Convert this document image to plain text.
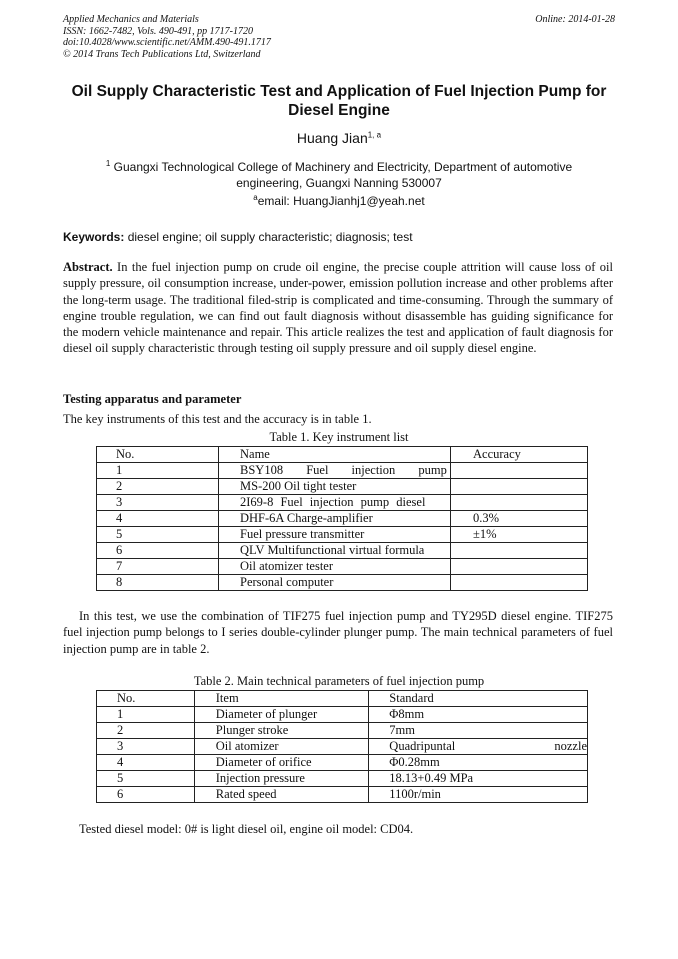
Applied Mechanics and Materials
ISSN: 1662-7482, Vols. 490-491, pp 1717-1720
doi:10.4028/www.scientific.net/AMM.490-491.1717
© 2014 Trans Tech Publications Ltd, Switzerland
Online: 2014-01-28
Oil Supply Characteristic Test and Application of Fuel Injection Pump for Diesel Engine
Huang Jian$^{1, a}$
$^1$ Guangxi Technological College of Machinery and Electricity, Department of automotive engineering, Guangxi Nanning 530007
$^a$email: HuangJianhj1@yeah.net
Keywords: diesel engine; oil supply characteristic; diagnosis; test
Abstract. In the fuel injection pump on crude oil engine, the precise couple attrition will cause loss of oil supply pressure, oil consumption increase, under-power, emission pollution increase and other problems after the long-term usage. The traditional filed-strip is complicated and time-consuming. Through the summary of engine trouble regulation, we can find out fault diagnosis without disassemble has guiding significance for the modern vehicle maintenance and repair. This article realizes the test and application of fault diagnosis for diesel oil supply characteristic through testing oil supply pressure and oil supply diesel engine.
Testing apparatus and parameter
The key instruments of this test and the accuracy is in table 1.
Table 1. Key instrument list
No.	Name	Accuracy
1	BSY108 Fuel injection pump	
2	MS-200 Oil tight tester	
3	2I69-8 Fuel injection pump diesel	
4	DHF-6A Charge-amplifier	0.3%
5	Fuel pressure transmitter	±1%
6	QLV Multifunctional virtual formula	
7	Oil atomizer tester	
8	Personal computer	
In this test, we use the combination of TIF275 fuel injection pump and TY295D diesel engine. TIF275 fuel injection pump belongs to I series double-cylinder plunger pump. The main technical parameters of fuel injection pump are in table 2.
Table 2. Main technical parameters of fuel injection pump
No.	Item	Standard
1	Diameter of plunger	Φ8mm
2	Plunger stroke	7mm
3	Oil atomizer	Quadripuntal nozzle
4	Diameter of orifice	Φ0.28mm
5	Injection pressure	18.13+0.49 MPa
6	Rated speed	1100r/min
Tested diesel model: 0# is light diesel oil, engine oil model: CD04.
